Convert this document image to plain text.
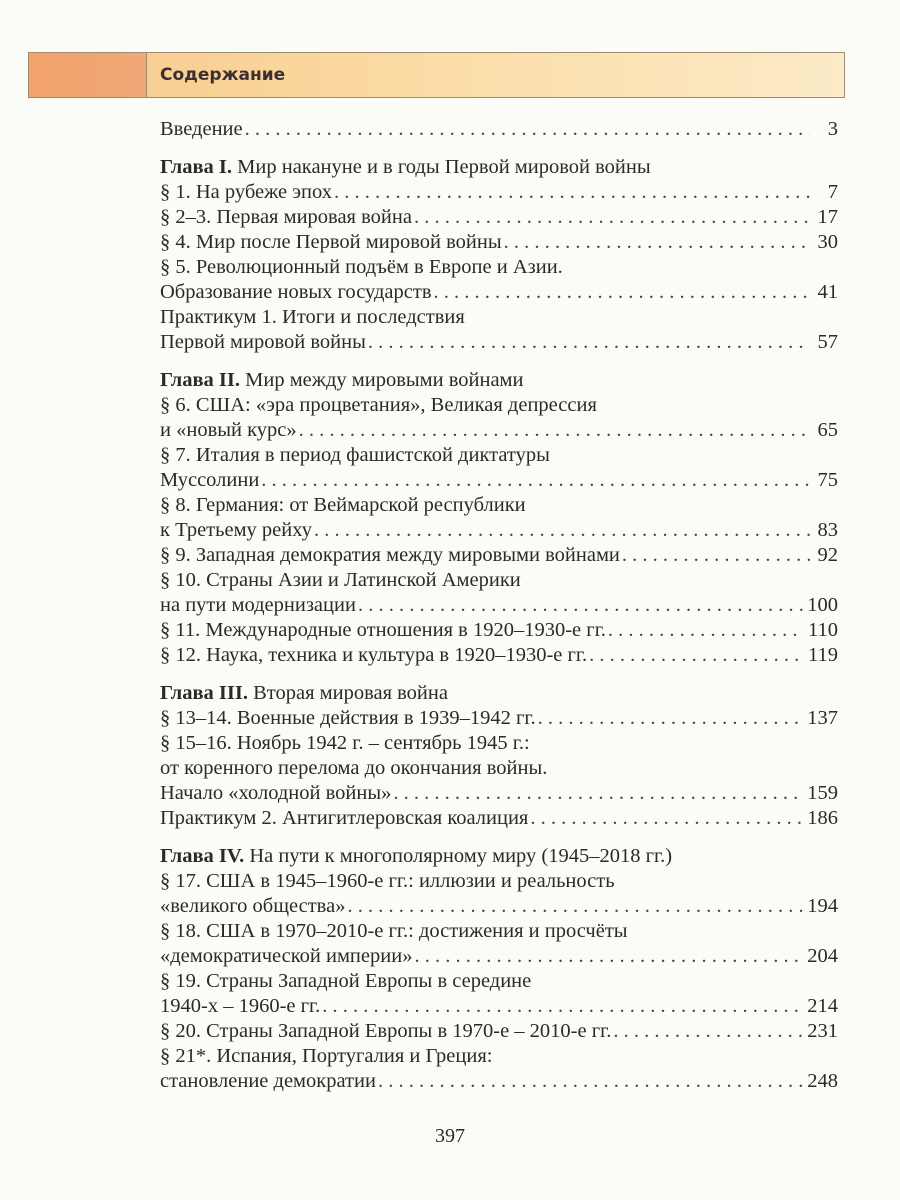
Содержание
Введение . . .	3
Глава I. Мир накануне и в годы Первой мировой войны
§ 1. На рубеже эпох . . .	7
§ 2–3. Первая мировая война . . .	17
§ 4. Мир после Первой мировой войны . . .	30
§ 5. Революционный подъём в Европе и Азии.
Образование новых государств . . .	41
Практикум 1. Итоги и последствия
Первой мировой войны . . .	57
Глава II. Мир между мировыми войнами
§ 6. США: «эра процветания», Великая депрессия
и «новый курс» . . .	65
§ 7. Италия в период фашистской диктатуры
Муссолини . . .	75
§ 8. Германия: от Веймарской республики
к Третьему рейху . . .	83
§ 9. Западная демократия между мировыми войнами . . .	92
§ 10. Страны Азии и Латинской Америки
на пути модернизации . . .	100
§ 11. Международные отношения в 1920–1930-е гг. . . .	110
§ 12. Наука, техника и культура в 1920–1930-е гг. . . .	119
Глава III. Вторая мировая война
§ 13–14. Военные действия в 1939–1942 гг. . . .	137
§ 15–16. Ноябрь 1942 г. – сентябрь 1945 г.:
от коренного перелома до окончания войны.
Начало «холодной войны» . . .	159
Практикум 2. Антигитлеровская коалиция . . .	186
Глава IV. На пути к многополярному миру (1945–2018 гг.)
§ 17. США в 1945–1960-е гг.: иллюзии и реальность
«великого общества» . . .	194
§ 18. США в 1970–2010-е гг.: достижения и просчёты
«демократической империи» . . .	204
§ 19. Страны Западной Европы в середине
1940-х – 1960-е гг. . . .	214
§ 20. Страны Западной Европы в 1970-е – 2010-е гг. . . .	231
§ 21*. Испания, Португалия и Греция:
становление демократии . . .	248
397
